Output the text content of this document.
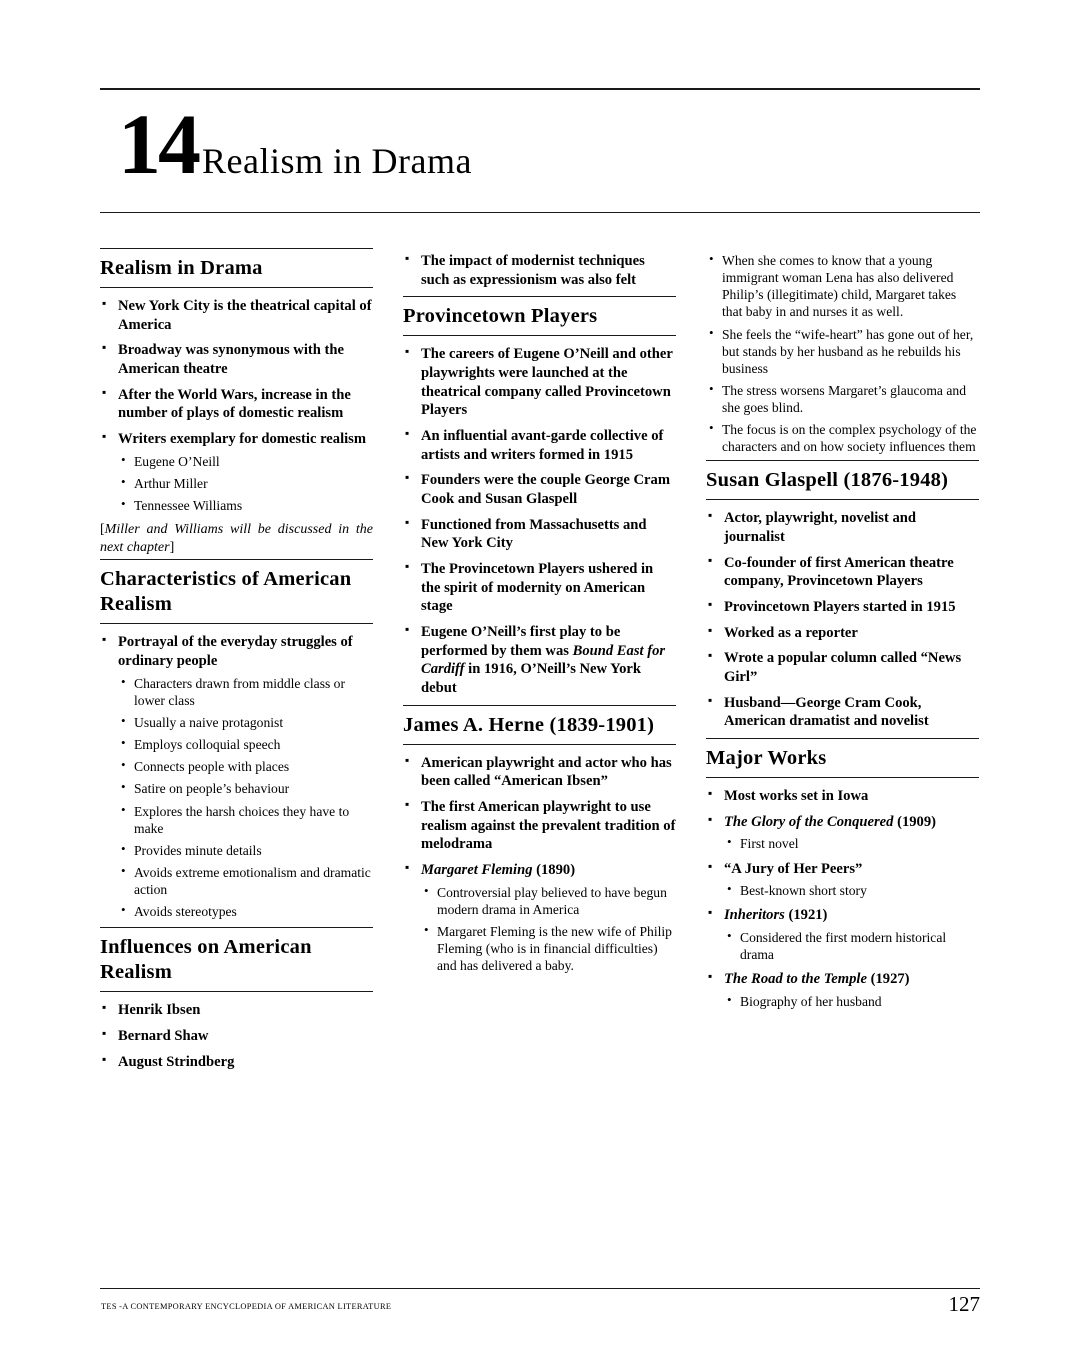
14 Realism in Drama
Realism in Drama
▪ New York City is the theatrical capital of America
▪ Broadway was synonymous with the American theatre
▪ After the World Wars, increase in the number of plays of domestic realism
▪ Writers exemplary for domestic realism
• Eugene O’Neill
• Arthur Miller
• Tennessee Williams
[Miller and Williams will be discussed in the next chapter]
Characteristics of American Realism
▪ Portrayal of the everyday struggles of ordinary people
• Characters drawn from middle class or lower class
• Usually a naive protagonist
• Employs colloquial speech
• Connects people with places
• Satire on people’s behaviour
• Explores the harsh choices they have to make
• Provides minute details
• Avoids extreme emotionalism and dramatic action
• Avoids stereotypes
Influences on American Realism
▪ Henrik Ibsen
▪ Bernard Shaw
▪ August Strindberg
▪ The impact of modernist techniques such as expressionism was also felt
Provincetown Players
▪ The careers of Eugene O’Neill and other playwrights were launched at the theatrical company called Provincetown Players
▪ An influential avant-garde collective of artists and writers formed in 1915
▪ Founders were the couple George Cram Cook and Susan Glaspell
▪ Functioned from Massachusetts and New York City
▪ The Provincetown Players ushered in the spirit of modernity on American stage
▪ Eugene O’Neill’s first play to be performed by them was Bound East for Cardiff in 1916, O’Neill’s New York debut
James A. Herne (1839-1901)
▪ American playwright and actor who has been called “American Ibsen”
▪ The first American playwright to use realism against the prevalent tradition of melodrama
▪ Margaret Fleming (1890)
• Controversial play believed to have begun modern drama in America
• Margaret Fleming is the new wife of Philip Fleming (who is in financial difficulties) and has delivered a baby.
• When she comes to know that a young immigrant woman Lena has also delivered Philip’s (illegitimate) child, Margaret takes that baby in and nurses it as well.
• She feels the “wife-heart” has gone out of her, but stands by her husband as he rebuilds his business
• The stress worsens Margaret’s glaucoma and she goes blind.
• The focus is on the complex psychology of the characters and on how society influences them
Susan Glaspell (1876-1948)
▪ Actor, playwright, novelist and journalist
▪ Co-founder of first American theatre company, Provincetown Players
▪ Provincetown Players started in 1915
▪ Worked as a reporter
▪ Wrote a popular column called “News Girl”
▪ Husband—George Cram Cook, American dramatist and novelist
Major Works
▪ Most works set in Iowa
▪ The Glory of the Conquered (1909)
• First novel
▪ “A Jury of Her Peers”
• Best-known short story
▪ Inheritors (1921)
• Considered the first modern historical drama
▪ The Road to the Temple (1927)
• Biography of her husband
TES -A CONTEMPORARY ENCYCLOPEDIA OF AMERICAN LITERATURE	127
